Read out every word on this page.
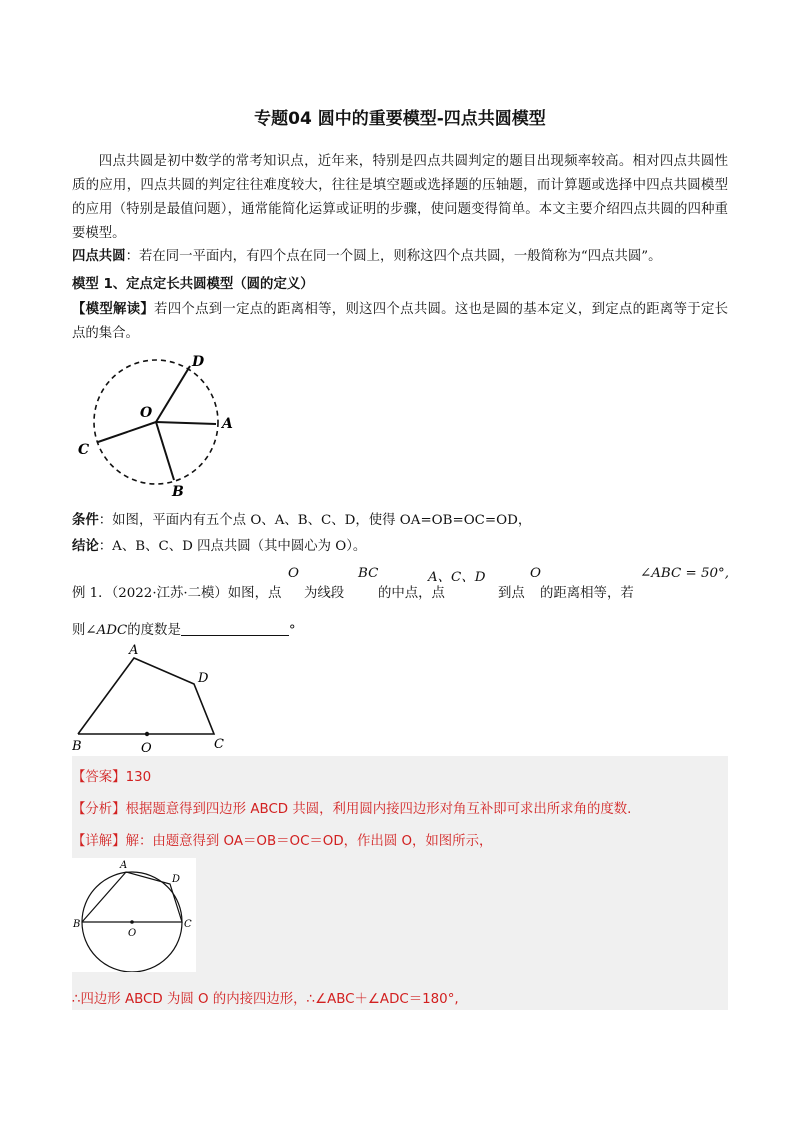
专题04 圆中的重要模型-四点共圆模型
四点共圆是初中数学的常考知识点，近年来，特别是四点共圆判定的题目出现频率较高。相对四点共圆性质的应用，四点共圆的判定往往难度较大，往往是填空题或选择题的压轴题，而计算题或选择中四点共圆模型的应用（特别是最值问题），通常能简化运算或证明的步骤，使问题变得简单。本文主要介绍四点共圆的四种重要模型。
四点共圆：若在同一平面内，有四个点在同一个圆上，则称这四个点共圆，一般简称为“四点共圆”。
模型 1、定点定长共圆模型（圆的定义）
【模型解读】若四个点到一定点的距离相等，则这四个点共圆。这也是圆的基本定义，到定点的距离等于定长点的集合。
O
D
A
C
B
条件：如图，平面内有五个点 O、A、B、C、D，使得 OA=OB=OC=OD，
结论：A、B、C、D 四点共圆（其中圆心为 O）。
例 1．（2022·江苏·二模）如图，点
O
为线段
BC
的中点，点
A、C、D
到点
O
的距离相等，若
∠ABC = 50°,
则∠ADC的度数是	°
A
D
B	O	C
【答案】130
【分析】根据题意得到四边形 ABCD 共圆，利用圆内接四边形对角互补即可求出所求角的度数.
【详解】解：由题意得到 OA＝OB＝OC＝OD，作出圆 O，如图所示，
A
D
B	C
O
∴四边形 ABCD 为圆 O 的内接四边形，∴∠ABC＋∠ADC＝180°,
